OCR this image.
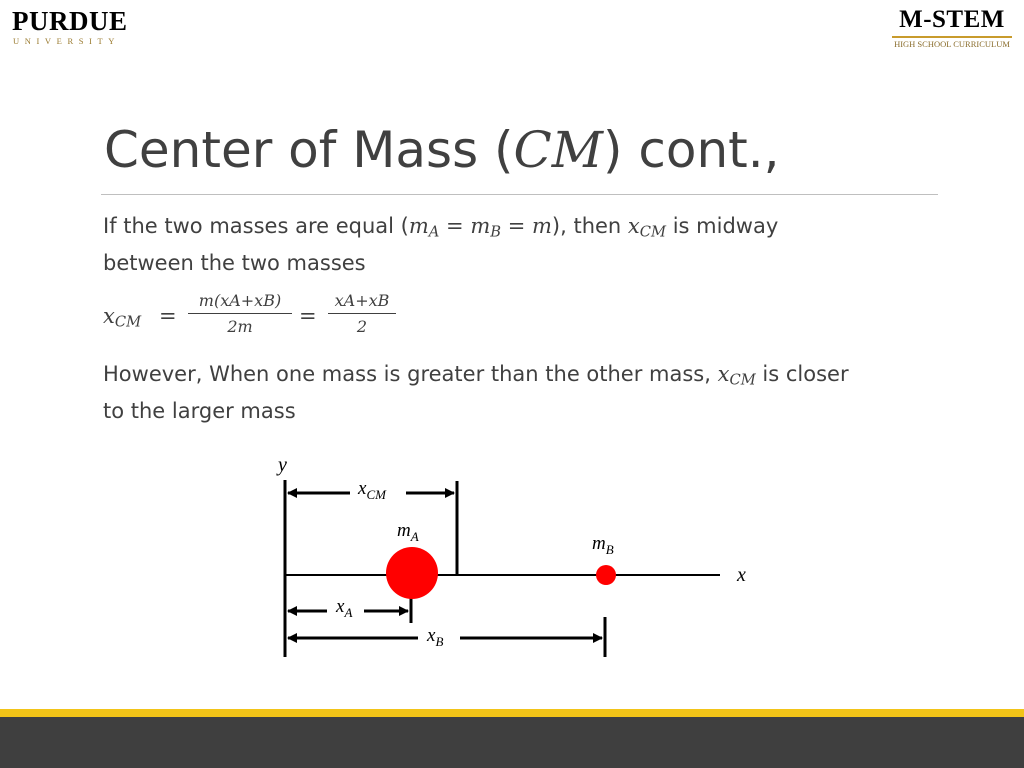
PURDUE
UNIVERSITY
M-STEM
HIGH SCHOOL CURRICULUM
Center of Mass (CM) cont.,
If the two masses are equal $(m_A = m_B = m)$, then $x_{CM}$ is midway
between the two masses
$x_{CM}$ =
m(xA+xB)
2m	=
xA+xB
2
However, When one mass is greater than the other mass, $x_{CM}$ is closer
to the larger mass
y
x
$x_{CM}$
$m_A$	$m_B$
$x_A$
$x_B$
